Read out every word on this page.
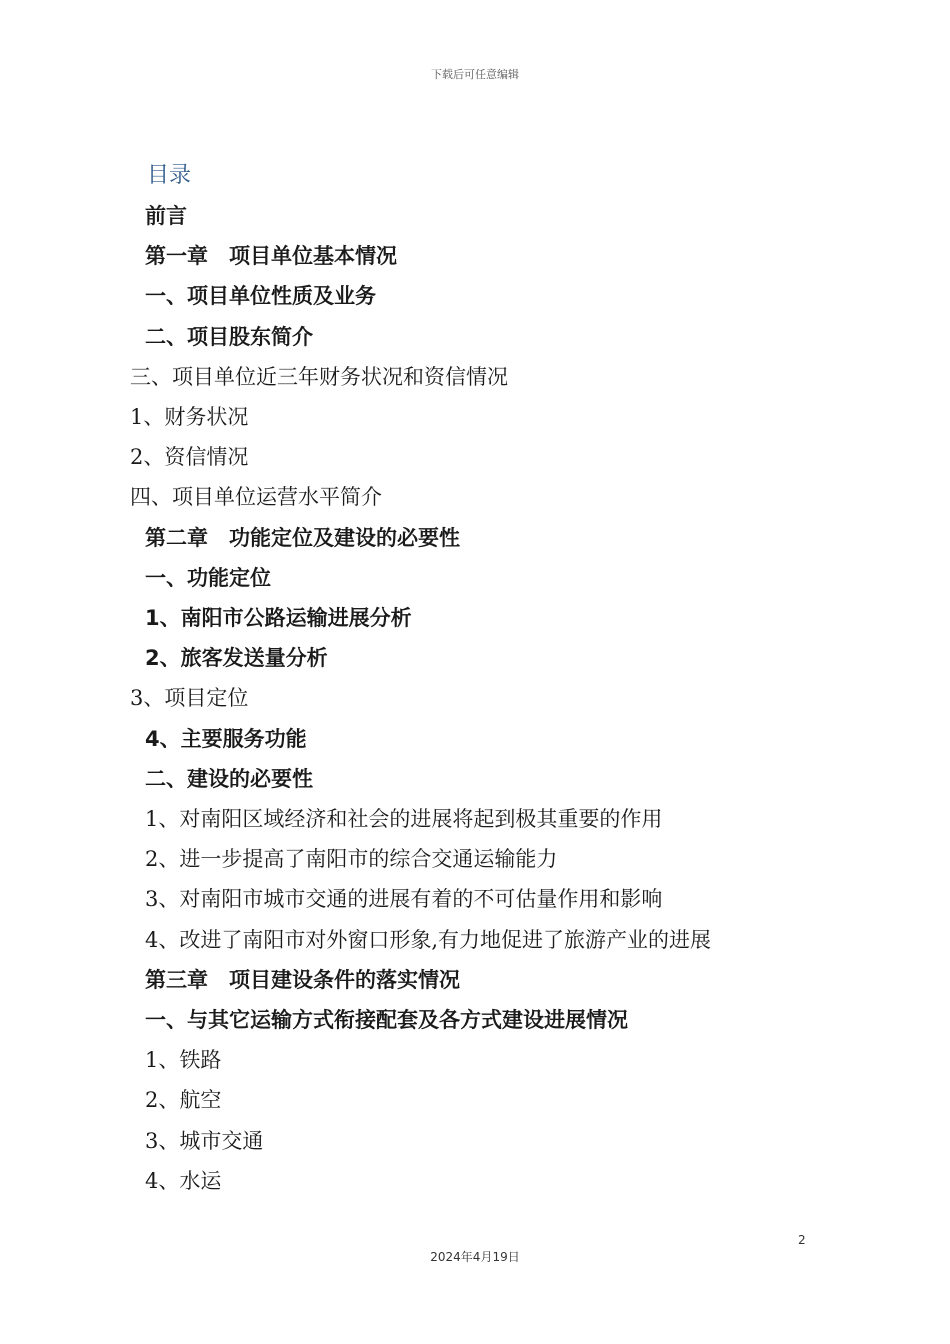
下载后可任意编辑
目录
前言
第一章　项目单位基本情况
一、项目单位性质及业务
二、项目股东简介
三、项目单位近三年财务状况和资信情况
1、财务状况
2、资信情况
四、项目单位运营水平简介
第二章　功能定位及建设的必要性
一、功能定位
1、南阳市公路运输进展分析
2、旅客发送量分析
3、项目定位
4、主要服务功能
二、建设的必要性
1、对南阳区域经济和社会的进展将起到极其重要的作用
2、进一步提高了南阳市的综合交通运输能力
3、对南阳市城市交通的进展有着的不可估量作用和影响
4、改进了南阳市对外窗口形象,有力地促进了旅游产业的进展
第三章　项目建设条件的落实情况
一、与其它运输方式衔接配套及各方式建设进展情况
1、铁路
2、航空
3、城市交通
4、水运
2
2024年4月19日
